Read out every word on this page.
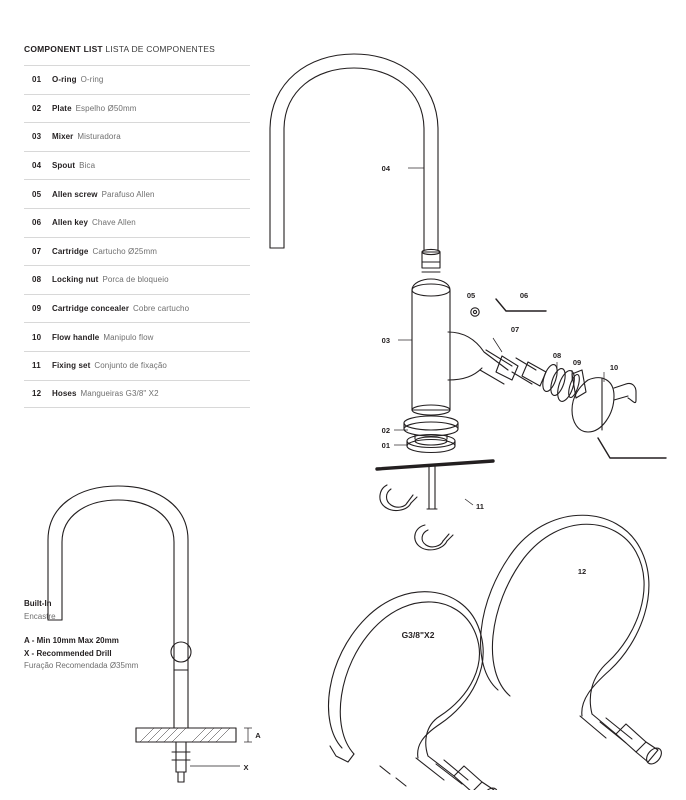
COMPONENT LIST LISTA DE COMPONENTES
01	O-ring O-ring
02	Plate Espelho Ø50mm
03	Mixer Misturadora
04	Spout Bica
05	Allen screw Parafuso Allen
06	Allen key Chave Allen
07	Cartridge Cartucho Ø25mm
08	Locking nut Porca de bloqueio
09	Cartridge concealer Cobre cartucho
10	Flow handle Manipulo flow
11	Fixing set Conjunto de fixação
12	Hoses Mangueiras G3/8" X2
Built-In
Encastre
A - Min 10mm Max 20mm
X - Recommended Drill
Furação Recomendada Ø35mm
04
05	06
03
07
08
09
10
02
01
11
12
G3/8"X2
A
X
